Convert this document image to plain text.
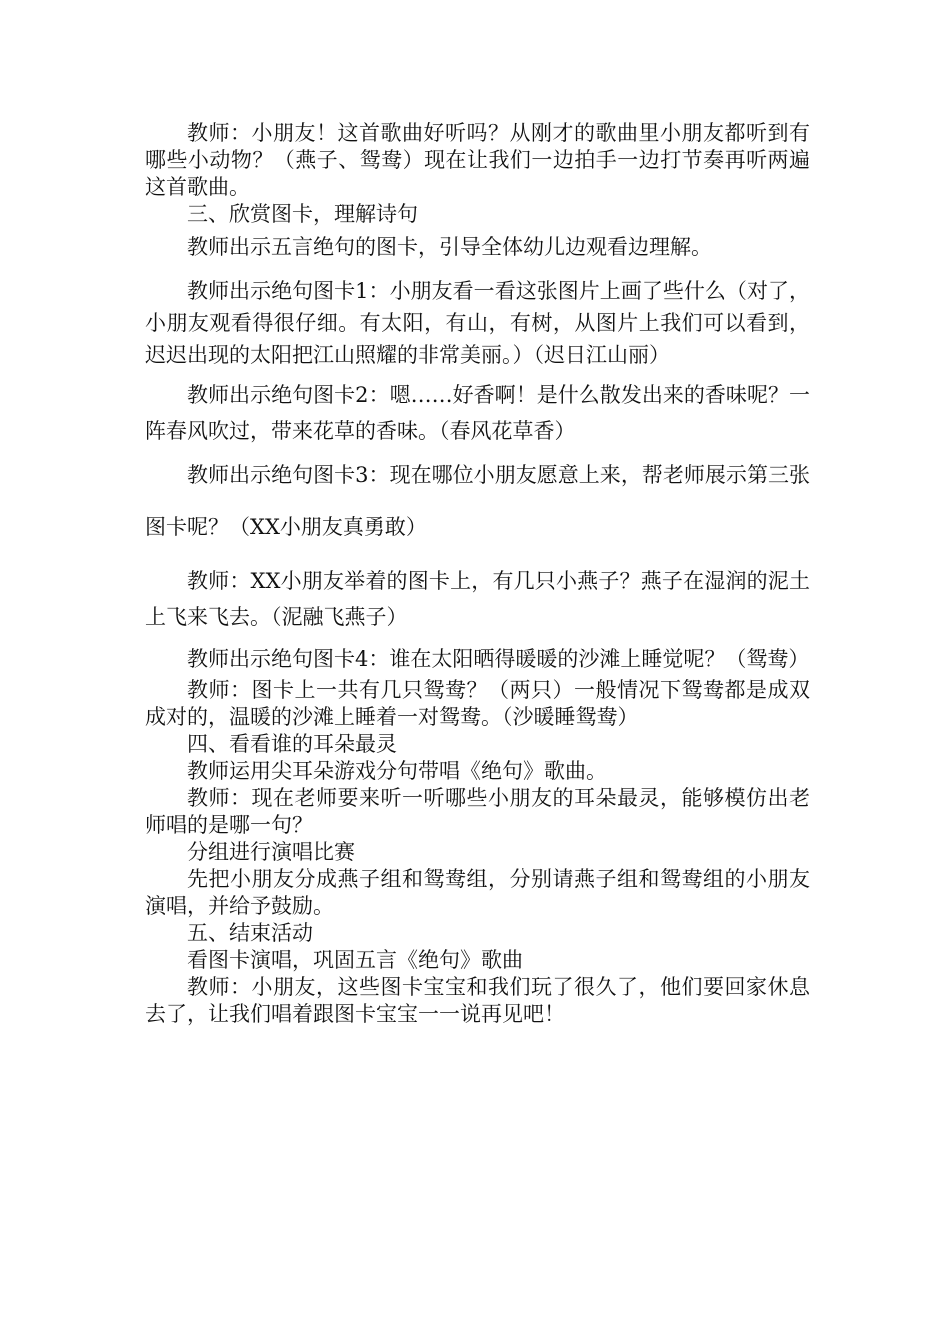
教师：小朋友！这首歌曲好听吗？从刚才的歌曲里小朋友都听到有哪些小动物？（燕子、鸳鸯）现在让我们一边拍手一边打节奏再听两遍这首歌曲。

三、欣赏图卡，理解诗句

教师出示五言绝句的图卡，引导全体幼儿边观看边理解。

教师出示绝句图卡1：小朋友看一看这张图片上画了些什么（对了，小朋友观看得很仔细。有太阳，有山，有树，从图片上我们可以看到，迟迟出现的太阳把江山照耀的非常美丽。）（迟日江山丽）

教师出示绝句图卡2：嗯……好香啊！是什么散发出来的香味呢？一阵春风吹过，带来花草的香味。（春风花草香）

教师出示绝句图卡3：现在哪位小朋友愿意上来，帮老师展示第三张图卡呢？（XX小朋友真勇敢）

教师：XX小朋友举着的图卡上，有几只小燕子？燕子在湿润的泥土上飞来飞去。（泥融飞燕子）

教师出示绝句图卡4：谁在太阳晒得暖暖的沙滩上睡觉呢？（鸳鸯）

教师：图卡上一共有几只鸳鸯？（两只）一般情况下鸳鸯都是成双成对的，温暖的沙滩上睡着一对鸳鸯。（沙暖睡鸳鸯）

四、看看谁的耳朵最灵

教师运用尖耳朵游戏分句带唱《绝句》歌曲。

教师：现在老师要来听一听哪些小朋友的耳朵最灵，能够模仿出老师唱的是哪一句？

分组进行演唱比赛

先把小朋友分成燕子组和鸳鸯组，分别请燕子组和鸳鸯组的小朋友演唱，并给予鼓励。

五、结束活动

看图卡演唱，巩固五言《绝句》歌曲

教师：小朋友，这些图卡宝宝和我们玩了很久了，他们要回家休息去了，让我们唱着跟图卡宝宝一一说再见吧！
